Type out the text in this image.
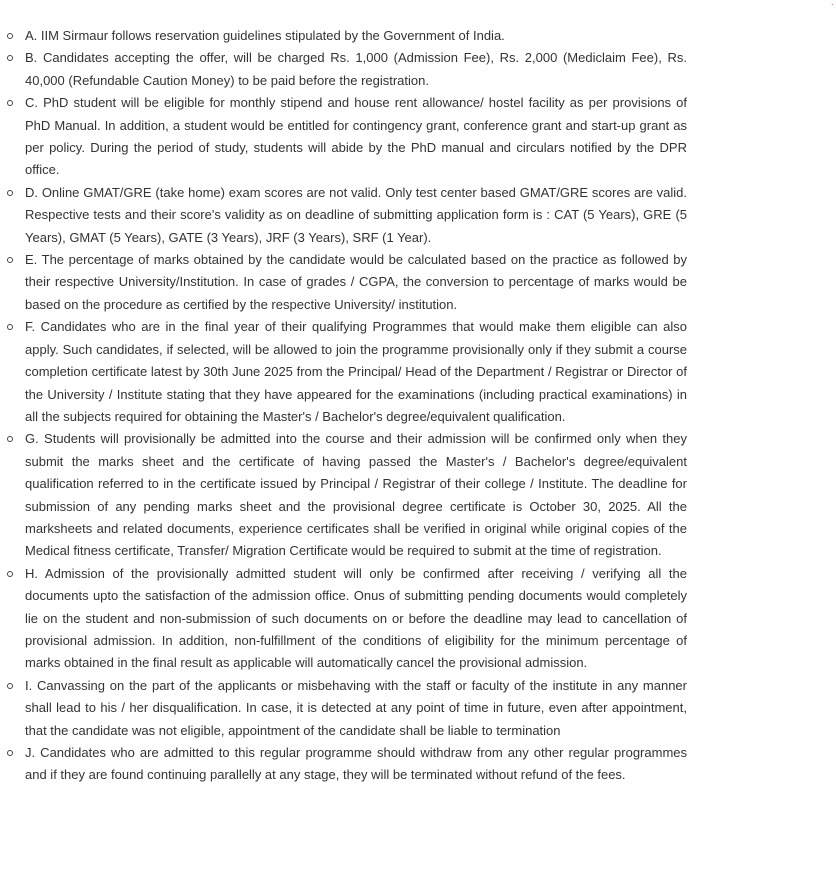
·
A. IIM Sirmaur follows reservation guidelines stipulated by the Government of India.
B. Candidates accepting the offer, will be charged Rs. 1,000 (Admission Fee), Rs. 2,000 (Mediclaim Fee), Rs. 40,000 (Refundable Caution Money) to be paid before the registration.
C. PhD student will be eligible for monthly stipend and house rent allowance/ hostel facility as per provisions of PhD Manual. In addition, a student would be entitled for contingency grant, conference grant and start-up grant as per policy. During the period of study, students will abide by the PhD manual and circulars notified by the DPR office.
D. Online GMAT/GRE (take home) exam scores are not valid. Only test center based GMAT/GRE scores are valid. Respective tests and their score's validity as on deadline of submitting application form is : CAT (5 Years), GRE (5 Years), GMAT (5 Years), GATE (3 Years), JRF (3 Years), SRF (1 Year).
E. The percentage of marks obtained by the candidate would be calculated based on the practice as followed by their respective University/Institution. In case of grades / CGPA, the conversion to percentage of marks would be based on the procedure as certified by the respective University/ institution.
F. Candidates who are in the final year of their qualifying Programmes that would make them eligible can also apply. Such candidates, if selected, will be allowed to join the programme provisionally only if they submit a course completion certificate latest by 30th June 2025 from the Principal/ Head of the Department / Registrar or Director of the University / Institute stating that they have appeared for the examinations (including practical examinations) in all the subjects required for obtaining the Master's / Bachelor's degree/equivalent qualification.
G. Students will provisionally be admitted into the course and their admission will be confirmed only when they submit the marks sheet and the certificate of having passed the Master's / Bachelor's degree/equivalent qualification referred to in the certificate issued by Principal / Registrar of their college / Institute. The deadline for submission of any pending marks sheet and the provisional degree certificate is October 30, 2025. All the marksheets and related documents, experience certificates shall be verified in original while original copies of the Medical fitness certificate, Transfer/ Migration Certificate would be required to submit at the time of registration.
H. Admission of the provisionally admitted student will only be confirmed after receiving / verifying all the documents upto the satisfaction of the admission office. Onus of submitting pending documents would completely lie on the student and non-submission of such documents on or before the deadline may lead to cancellation of provisional admission. In addition, non-fulfillment of the conditions of eligibility for the minimum percentage of marks obtained in the final result as applicable will automatically cancel the provisional admission.
I. Canvassing on the part of the applicants or misbehaving with the staff or faculty of the institute in any manner shall lead to his / her disqualification. In case, it is detected at any point of time in future, even after appointment, that the candidate was not eligible, appointment of the candidate shall be liable to termination
J. Candidates who are admitted to this regular programme should withdraw from any other regular programmes and if they are found continuing parallelly at any stage, they will be terminated without refund of the fees.
